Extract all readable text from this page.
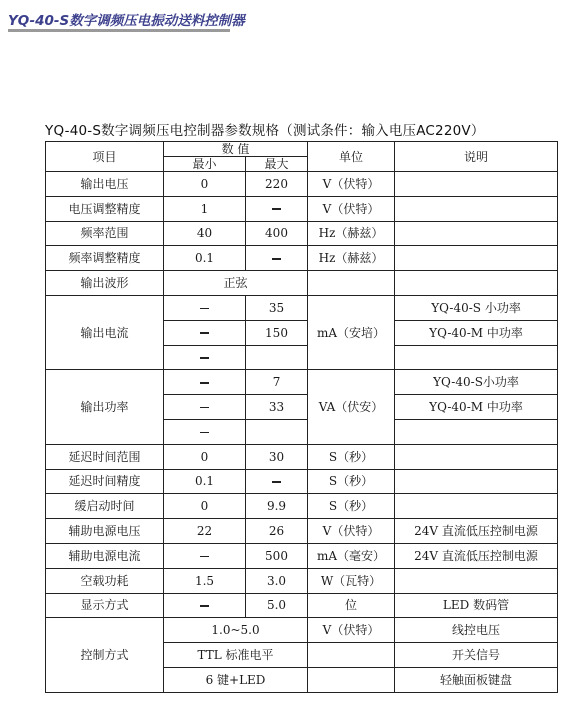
YQ-40-S数字调频压电振动送料控制器
YQ-40-S数字调频压电控制器参数规格（测试条件：输入电压AC220V）
项目	数 值		单位	说明
	最小	最大		
输出电压	0	220	V（伏特）	
电压调整精度	1		V（伏特）	
频率范围	40	400	Hz（赫兹）	
频率调整精度	0.1		Hz（赫兹）	
输出波形	正弦			
输出电流		35	mA（安培）	YQ-40-S 小功率
		150		YQ-40-M 中功率

输出功率		7	VA（伏安）	YQ-40-S小功率
		33		YQ-40-M 中功率

延迟时间范围	0	30	S（秒）	
延迟时间精度	0.1		S（秒）	
缓启动时间	0	9.9	S（秒）	
辅助电源电压	22	26	V（伏特）	24V 直流低压控制电源
辅助电源电流		500	mA（毫安）	24V 直流低压控制电源
空载功耗	1.5	3.0	W（瓦特）	
显示方式		5.0	位	LED 数码管
控制方式	1.0~5.0		V（伏特）	线控电压
	TTL 标准电平			开关信号
	6 键+LED			轻触面板键盘
